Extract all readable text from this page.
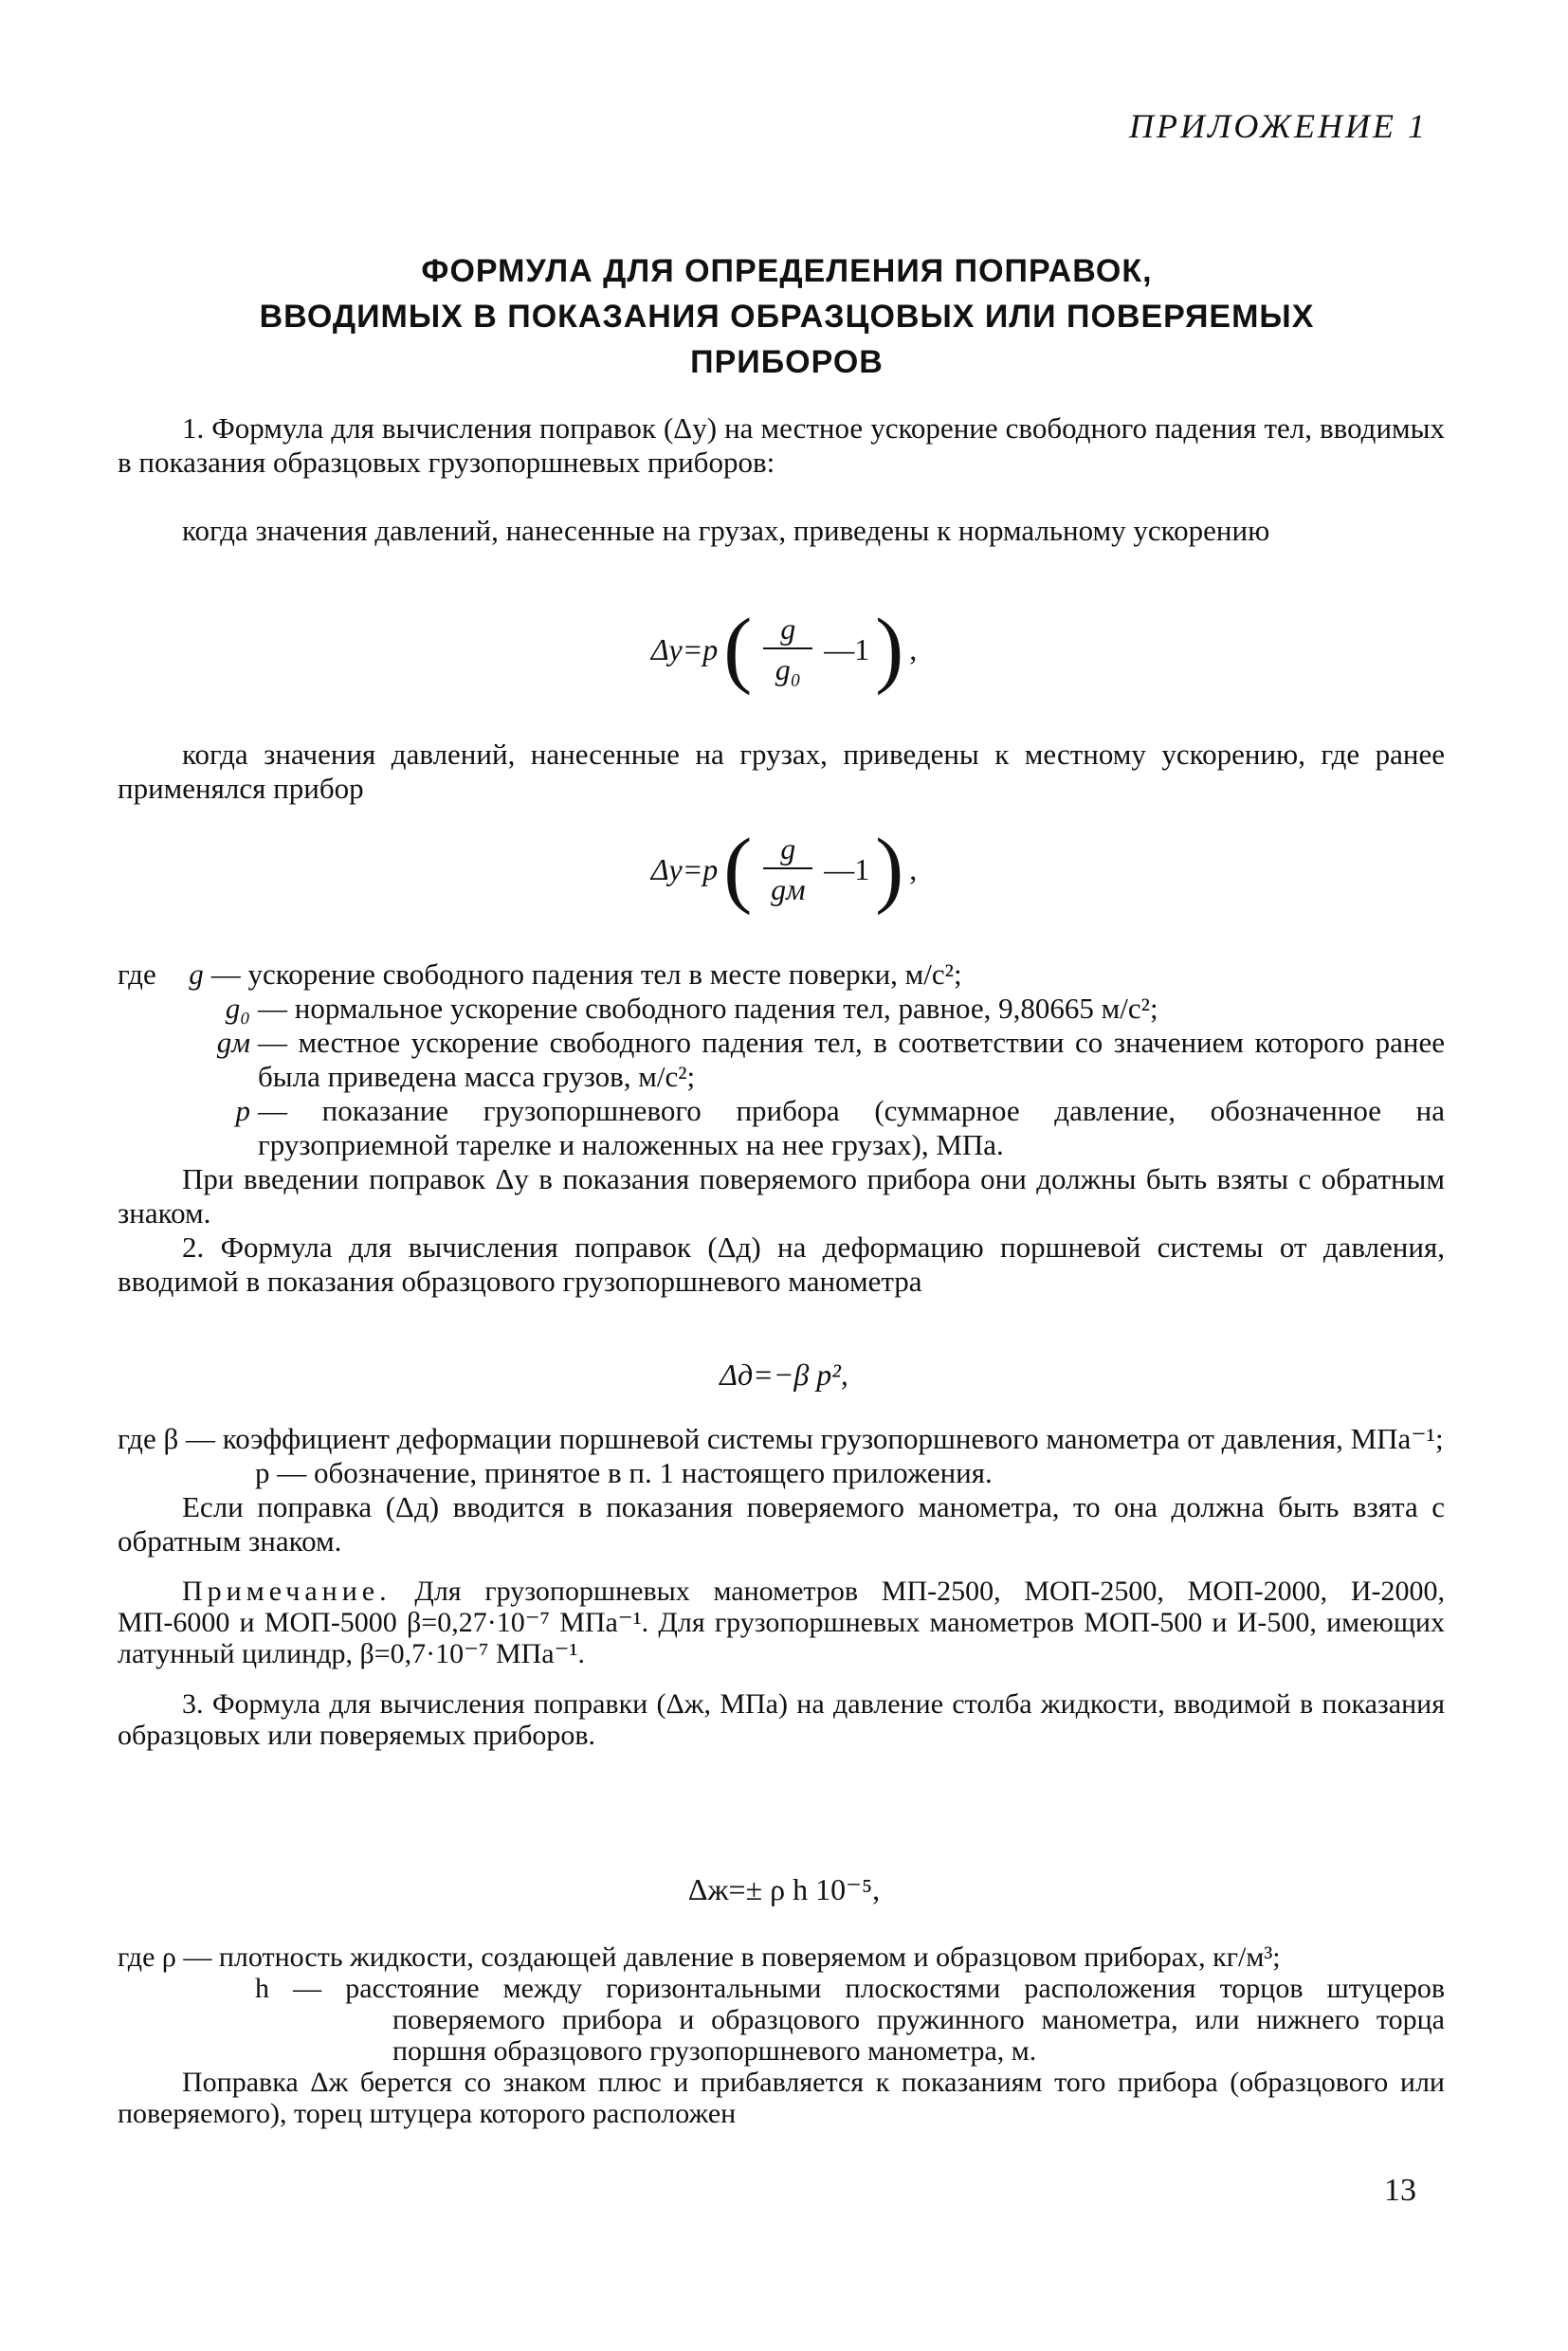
ПРИЛОЖЕНИЕ 1
ФОРМУЛА ДЛЯ ОПРЕДЕЛЕНИЯ ПОПРАВОК,
ВВОДИМЫХ В ПОКАЗАНИЯ ОБРАЗЦОВЫХ ИЛИ ПОВЕРЯЕМЫХ
ПРИБОРОВ
1. Формула для вычисления поправок (Δу) на местное ускорение свободного падения тел, вводимых в показания образцовых грузопоршневых приборов:
когда значения давлений, нанесенные на грузах, приведены к нормальному ускорению
Δу=p ( $\frac{g}{\text{g₀}}$ —1 ) ,
когда значения давлений, нанесенные на грузах, приведены к местному ускорению, где ранее применялся прибор
Δу=p ( $\frac{g}{gм}$ —1 ) ,
где	g — ускорение свободного падения тел в месте поверки, м/с²;
g₀ — нормальное ускорение свободного падения тел, равное, 9,80665 м/с²;
gм — местное ускорение свободного падения тел, в соответствии со значением которого ранее была приведена масса грузов, м/с²;
p — показание грузопоршневого прибора (суммарное давление, обозначенное на грузоприемной тарелке и наложенных на нее грузах), МПа.
При введении поправок Δу в показания поверяемого прибора они должны быть взяты с обратным знаком.
2. Формула для вычисления поправок (Δд) на деформацию поршневой системы от давления, вводимой в показания образцового грузопоршневого манометра
Δд=−β p²,
где β — коэффициент деформации поршневой системы грузопоршневого манометра от давления, МПа⁻¹;
p — обозначение, принятое в п. 1 настоящего приложения.
Если поправка (Δд) вводится в показания поверяемого манометра, то она должна быть взята с обратным знаком.
Примечание. Для грузопоршневых манометров МП-2500, МОП-2500, МОП-2000, И-2000, МП-6000 и МОП-5000 β=0,27·10⁻⁷ МПа⁻¹. Для грузопоршневых манометров МОП-500 и И-500, имеющих латунный цилиндр, β=0,7·10⁻⁷ МПа⁻¹.
3. Формула для вычисления поправки (Δж, МПа) на давление столба жидкости, вводимой в показания образцовых или поверяемых приборов.
Δж=± ρ h 10⁻⁵,
где ρ — плотность жидкости, создающей давление в поверяемом и образцовом приборах, кг/м³;
h — расстояние между горизонтальными плоскостями расположения торцов штуцеров поверяемого прибора и образцового пружинного манометра, или нижнего торца поршня образцового грузопоршневого манометра, м.
Поправка Δж берется со знаком плюс и прибавляется к показаниям того прибора (образцового или поверяемого), торец штуцера которого расположен
13
